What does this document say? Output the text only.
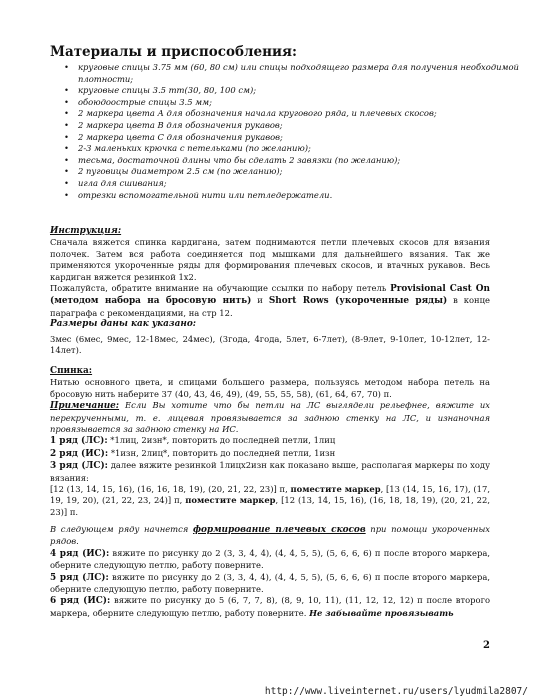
Материалы и приспособления:
• круговые спицы 3.75 мм (60, 80 см) или спицы подходящего размера для получения необходимой плотности;
• круговые спицы 3.5 mm(30, 80, 100 см);
• обоюдоострые спицы 3.5 мм;
• 2 маркера цвета А для обозначения начала кругового ряда, и плечевых скосов;
• 2 маркера цвета В для обозначения рукавов;
• 2 маркера цвета С для обозначения рукавов;
• 2-3 маленьких крючка с петельками (по желанию);
• тесьма, достаточной длины что бы сделать 2 завязки (по желанию);
• 2 пуговицы диаметром 2.5 см (по желанию);
• игла для сшивания;
• отрезки вспомогательной нити или петледержатели.
Инструкция:
Сначала вяжется спинка кардигана, затем поднимаются петли плечевых скосов для вязания полочек. Затем вся работа соединяется под мышками для дальнейшего вязания. Так же применяются укороченные ряды для формирования плечевых скосов, и втачных рукавов. Весь кардиган вяжется резинкой 1х2.
Пожалуйста, обратите внимание на обучающие ссылки по набору петель Provisional Cast On (методом набора на бросовую нить) и Short Rows (укороченные ряды) в конце параграфа с рекомендациями, на стр 12.
Размеры даны как указано:
3мес (6мес, 9мес, 12-18мес, 24мес), (3года, 4года, 5лет, 6-7лет), (8-9лет, 9-10лет, 10-12лет, 12-14лет).
Спинка:
Нитью основного цвета, и спицами большего размера, пользуясь методом набора петель на бросовую нить наберите 37 (40, 43, 46, 49), (49, 55, 55, 58), (61, 64, 67, 70) п.
Примечание: Если Вы хотите что бы петли на ЛС выглядели рельефнее, вяжите их перекрученными, т. е. лицевая провязывается за заднюю стенку на ЛС, и изнаночная провязывается за заднюю стенку на ИС.
1 ряд (ЛС): *1лиц, 2изн*, повторить до последней петли, 1лиц
2 ряд (ИС): *1изн, 2лиц*, повторить до последней петли, 1изн
3 ряд (ЛС): далее вяжите резинкой 1лицх2изн как показано выше, располагая маркеры по ходу вязания:
[12 (13, 14, 15, 16), (16, 16, 18, 19), (20, 21, 22, 23)] п, поместите маркер, [13 (14, 15, 16, 17), (17, 19, 19, 20), (21, 22, 23, 24)] п, поместите маркер, [12 (13, 14, 15, 16), (16, 18, 18, 19), (20, 21, 22, 23)] п.
В следующем ряду начнется формирование плечевых скосов при помощи укороченных рядов.
4 ряд (ИС): вяжите по рисунку до 2 (3, 3, 4, 4), (4, 4, 5, 5), (5, 6, 6, 6) п после второго маркера, оберните следующую петлю, работу поверните.
5 ряд (ЛС): вяжите по рисунку до 2 (3, 3, 4, 4), (4, 4, 5, 5), (5, 6, 6, 6) п после второго маркера, оберните следующую петлю, работу поверните.
6 ряд (ИС): вяжите по рисунку до 5 (6, 7, 7, 8), (8, 9, 10, 11), (11, 12, 12, 12) п после второго маркера, оберните следующую петлю, работу поверните. Не забывайте провязывать
2
http://www.liveinternet.ru/users/lyudmila2807/
